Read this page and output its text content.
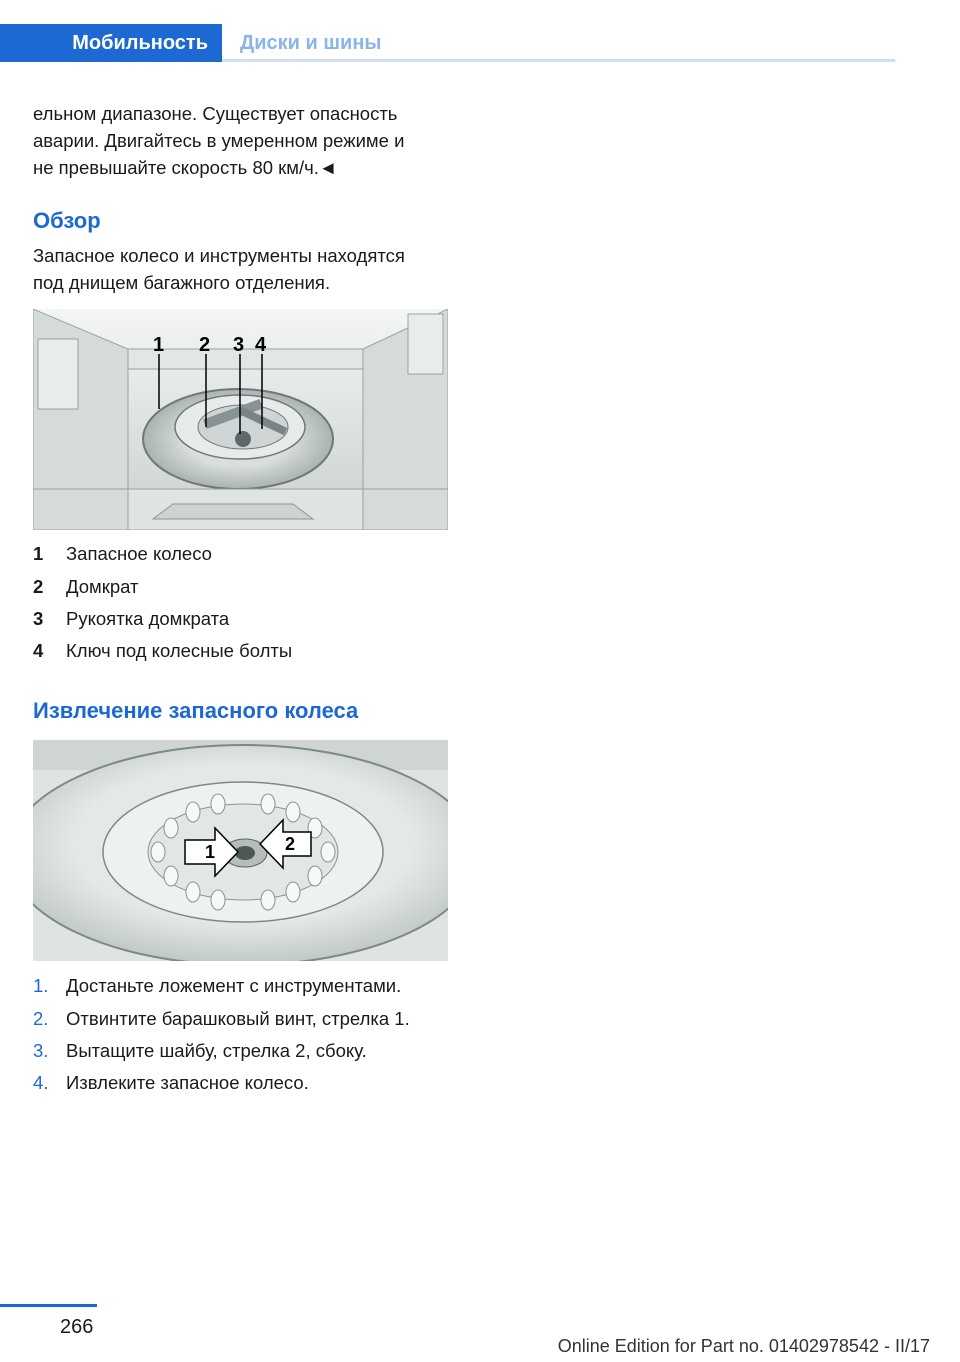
Мобильность	Диски и шины

ельном диапазоне. Существует опасность

аварии. Двигайтесь в умеренном режиме и

не превышайте скорость 80 км/ч.◄

Обзор

Запасное колесо и инструменты находятся

под днищем багажного отделения.

1 2 3 4
1	Запасное колесо
2	Домкрат
3	Рукоятка домкрата
4	Ключ под колесные болты

Извлечение запасного колеса

1	2
1. Достаньте ложемент с инструментами.
2. Отвинтите барашковый винт, стрелка 1.
3. Вытащите шайбу, стрелка 2, сбоку.
4. Извлеките запасное колесо.
266
Online Edition for Part no. 01402978542 - II/17
